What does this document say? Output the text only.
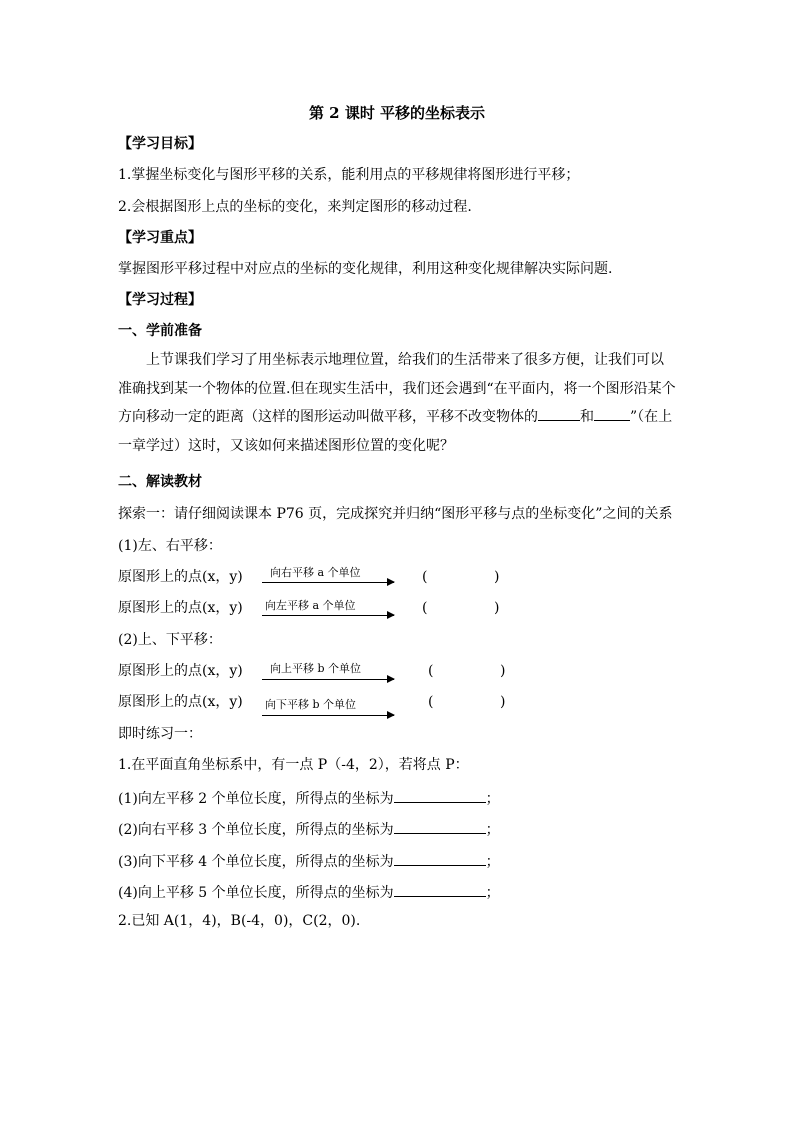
第 2 课时 平移的坐标表示
【学习目标】
1.掌握坐标变化与图形平移的关系，能利用点的平移规律将图形进行平移；
2.会根据图形上点的坐标的变化，来判定图形的移动过程.
【学习重点】
掌握图形平移过程中对应点的坐标的变化规律，利用这种变化规律解决实际问题.
【学习过程】
一、学前准备
上节课我们学习了用坐标表示地理位置，给我们的生活带来了很多方便，让我们可以准确找到某一个物体的位置.但在现实生活中，我们还会遇到“在平面内，将一个图形沿某个方向移动一定的距离（这样的图形运动叫做平移，平移不改变物体的	和	”（在上一章学过）这时，又该如何来描述图形位置的变化呢？
二、解读教材
探索一：请仔细阅读课本 P76 页，完成探究并归纳“图形平移与点的坐标变化”之间的关系
(1)左、右平移：
原图形上的点(x，y) 向右平移 a 个单位	(	)
原图形上的点(x，y) 向左平移 a 个单位	(	)
(2)上、下平移：
原图形上的点(x，y) 向上平移 b 个单位	(	)
原图形上的点(x，y) 向下平移 b 个单位	(	)
即时练习一：
1.在平面直角坐标系中，有一点 P（-4，2），若将点 P：
(1)向左平移 2 个单位长度，所得点的坐标为	；
(2)向右平移 3 个单位长度，所得点的坐标为	；
(3)向下平移 4 个单位长度，所得点的坐标为	；
(4)向上平移 5 个单位长度，所得点的坐标为	；
2.已知 A(1，4)，B(-4，0)，C(2，0).
